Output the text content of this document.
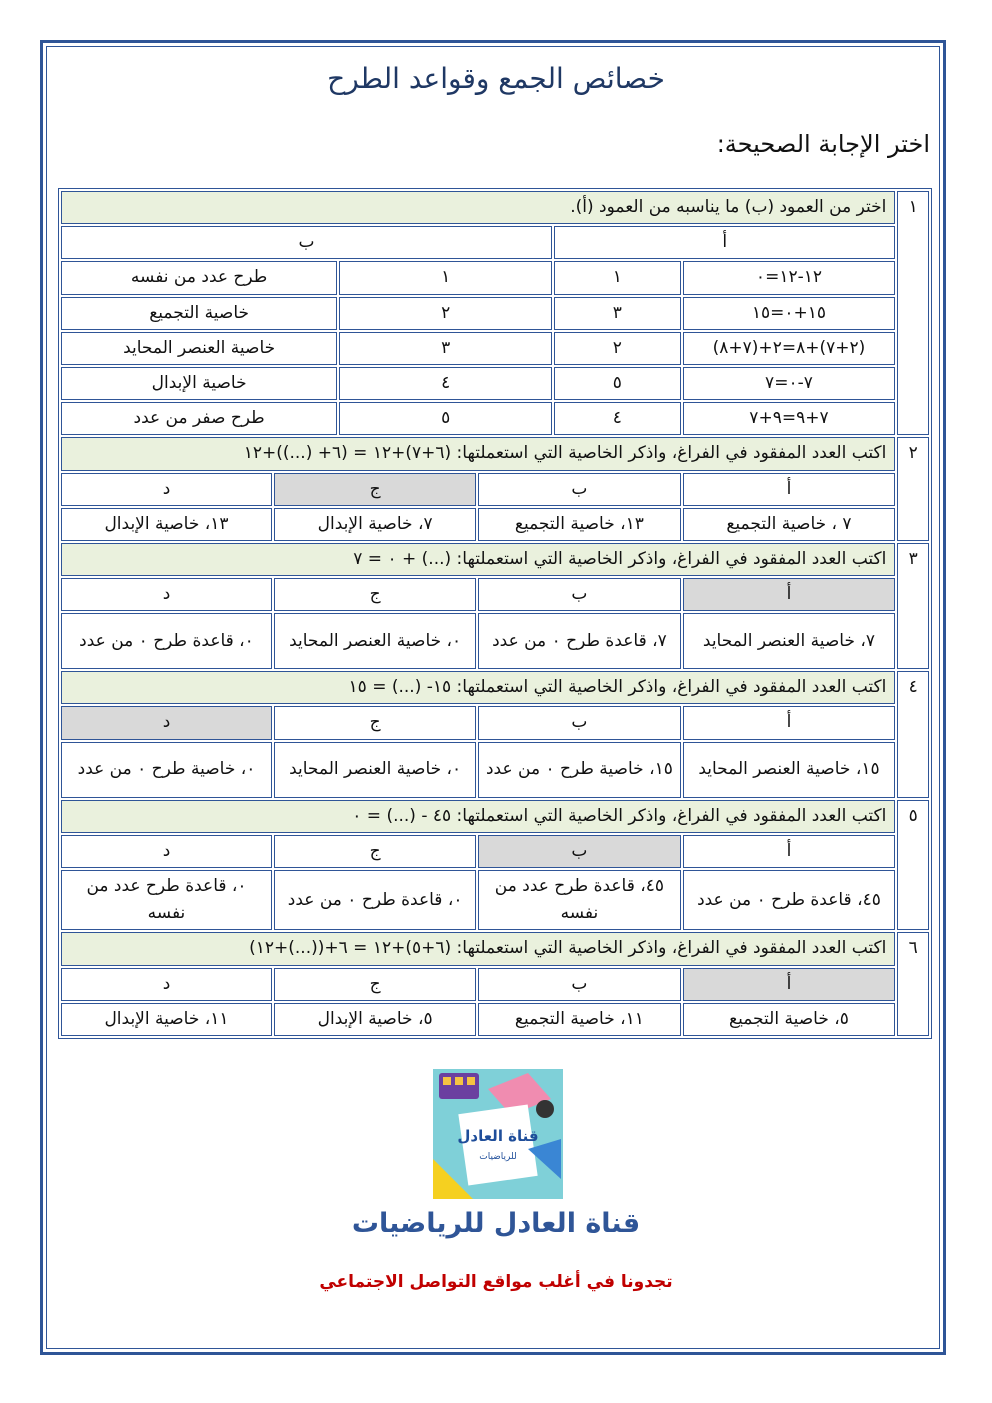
خصائص الجمع وقواعد الطرح
اختر الإجابة الصحيحة:
١	اختر من العمود (ب) ما يناسبه من العمود (أ).					
	أ		ب			
	١٢-١٢=٠	١	١		طرح عدد من نفسه	
	١٥+٠=١٥	٣	٢		خاصية التجميع	
	(٢+٧)+٨=٢+(٧+٨)	٢	٣		خاصية العنصر المحايد	
	٧-٠=٧	٥	٤		خاصية الإبدال	
	٧+٩=٩+٧	٤	٥		طرح صفر من عدد	
٢	اكتب العدد المفقود في الفراغ، واذكر الخاصية التي استعملتها: (٦+٧)+١٢ = (٦+ (...))+١٢					
	أ	ب		ج		د
	٧ ، خاصية التجميع	١٣، خاصية التجميع		٧، خاصية الإبدال		١٣، خاصية الإبدال
٣	اكتب العدد المفقود في الفراغ، واذكر الخاصية التي استعملتها: (...) + ٠ = ٧					
	أ	ب		ج		د
	٧، خاصية العنصر المحايد	٧، قاعدة طرح ٠ من عدد		٠، خاصية العنصر المحايد		٠، قاعدة طرح ٠ من عدد
٤	اكتب العدد المفقود في الفراغ، واذكر الخاصية التي استعملتها: ١٥- (...) = ١٥					
	أ	ب		ج		د
	١٥، خاصية العنصر المحايد	١٥، خاصية طرح ٠ من عدد		٠، خاصية العنصر المحايد		٠، خاصية طرح ٠ من عدد
٥	اكتب العدد المفقود في الفراغ، واذكر الخاصية التي استعملتها: ٤٥ - (...) = ٠					
	أ	ب		ج		د
	٤٥، قاعدة طرح ٠ من عدد	٤٥، قاعدة طرح عدد من نفسه		٠، قاعدة طرح ٠ من عدد		٠، قاعدة طرح عدد من نفسه
٦	اكتب العدد المفقود في الفراغ، واذكر الخاصية التي استعملتها: (٦+٥)+١٢ = ٦+((...)+١٢)					
	أ	ب		ج		د
	٥، خاصية التجميع	١١، خاصية التجميع		٥، خاصية الإبدال		١١، خاصية الإبدال
قناة العادل
للرياضيات
قناة العادل للرياضيات
تجدونا في أغلب مواقع التواصل الاجتماعي
